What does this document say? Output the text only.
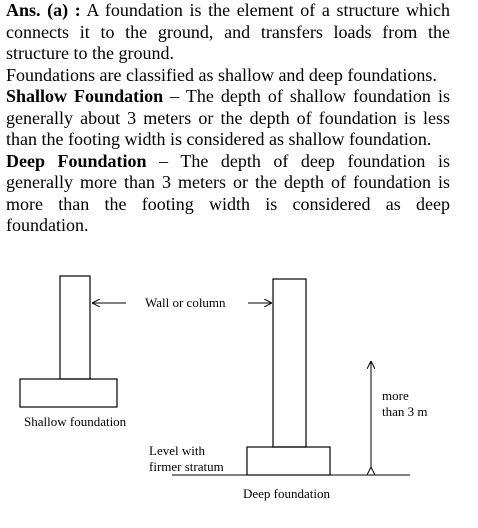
Ans. (a) : A foundation is the element of a structure which connects it to the ground, and transfers loads from the structure to the ground.

Foundations are classified as shallow and deep foundations.

Shallow Foundation – The depth of shallow foundation is generally about 3 meters or the depth of foundation is less than the footing width is considered as shallow foundation.

Deep Foundation – The depth of deep foundation is generally more than 3 meters or the depth of foundation is more than the footing width is considered as deep foundation.

Wall or column
Shallow foundation
Level with
firmer stratum
more
than 3 m
Deep foundation
